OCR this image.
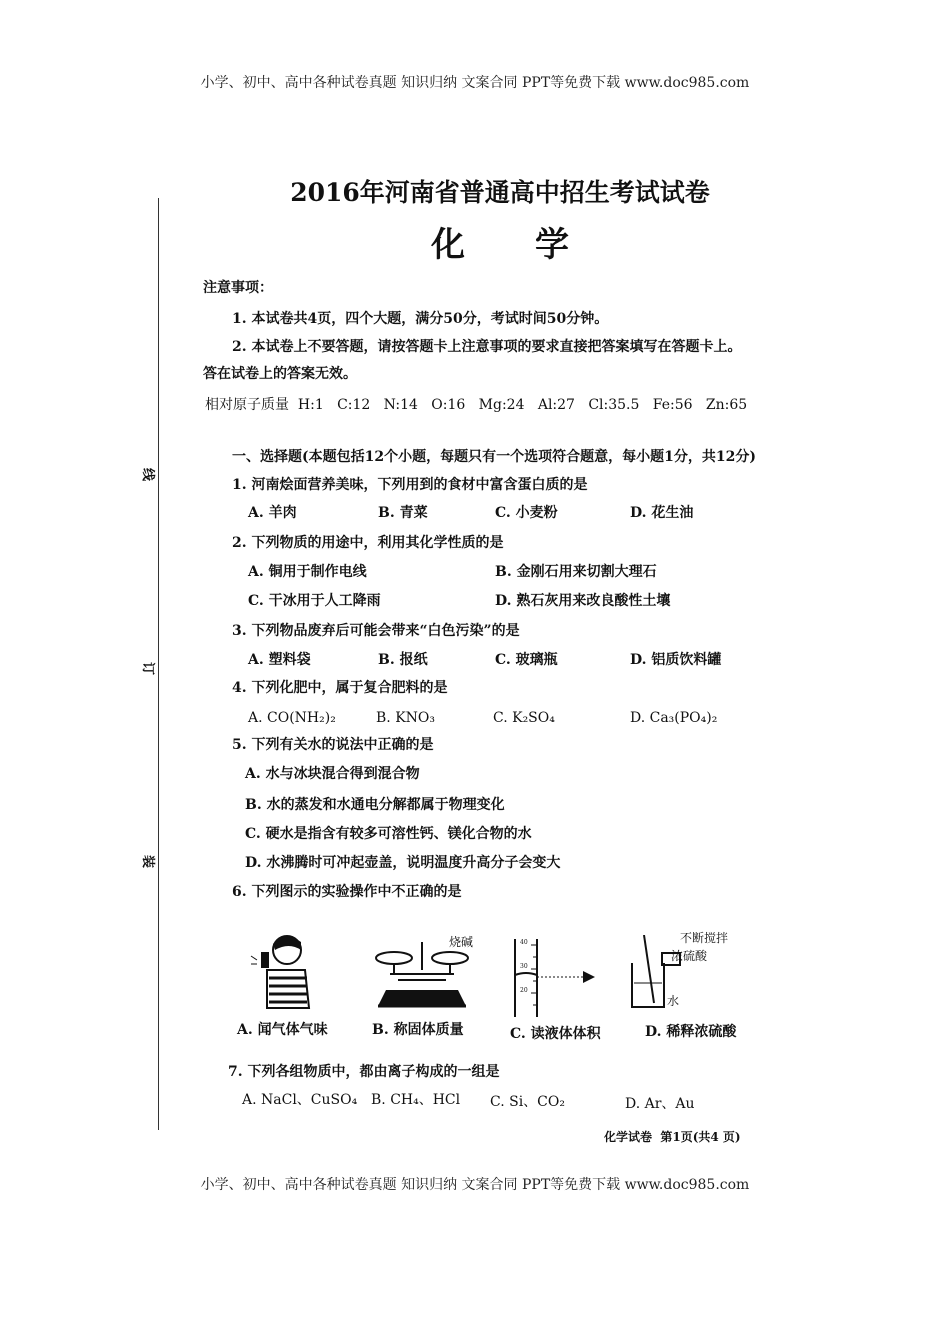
小学、初中、高中各种试卷真题 知识归纳 文案合同 PPT等免费下载 www.doc985.com
线
订
装
2016年河南省普通高中招生考试试卷
化学
注意事项：
1. 本试卷共4页，四个大题，满分50分，考试时间50分钟。
2. 本试卷上不要答题，请按答题卡上注意事项的要求直接把答案填写在答题卡上。
答在试卷上的答案无效。
相对原子质量  H:1   C:12   N:14   O:16   Mg:24   Al:27   Cl:35.5   Fe:56   Zn:65
一、选择题(本题包括12个小题，每题只有一个选项符合题意，每小题1分，共12分)
1. 河南烩面营养美味，下列用到的食材中富含蛋白质的是
A. 羊肉	B. 青菜	C. 小麦粉	D. 花生油
2. 下列物质的用途中，利用其化学性质的是
A. 铜用于制作电线	B. 金刚石用来切割大理石
C. 干冰用于人工降雨	D. 熟石灰用来改良酸性土壤
3. 下列物品废弃后可能会带来“白色污染”的是
A. 塑料袋	B. 报纸	C. 玻璃瓶	D. 铝质饮料罐
4. 下列化肥中，属于复合肥料的是
A. CO(NH₂)₂	B. KNO₃	C. K₂SO₄	D. Ca₃(PO₄)₂
5. 下列有关水的说法中正确的是
A. 水与冰块混合得到混合物
B. 水的蒸发和水通电分解都属于物理变化
C. 硬水是指含有较多可溶性钙、镁化合物的水
D. 水沸腾时可冲起壶盖，说明温度升高分子会变大
6. 下列图示的实验操作中不正确的是
烧碱	40
30
20
不断搅拌
浓硫酸
水
A. 闻气体气味	B. 称固体质量	C. 读液体体积	D. 稀释浓硫酸
7. 下列各组物质中，都由离子构成的一组是
A. NaCl、CuSO₄ B. CH₄、HCl C. Si、CO₂	D. Ar、Au
化学试卷  第1页(共4 页)
小学、初中、高中各种试卷真题 知识归纳 文案合同 PPT等免费下载 www.doc985.com
